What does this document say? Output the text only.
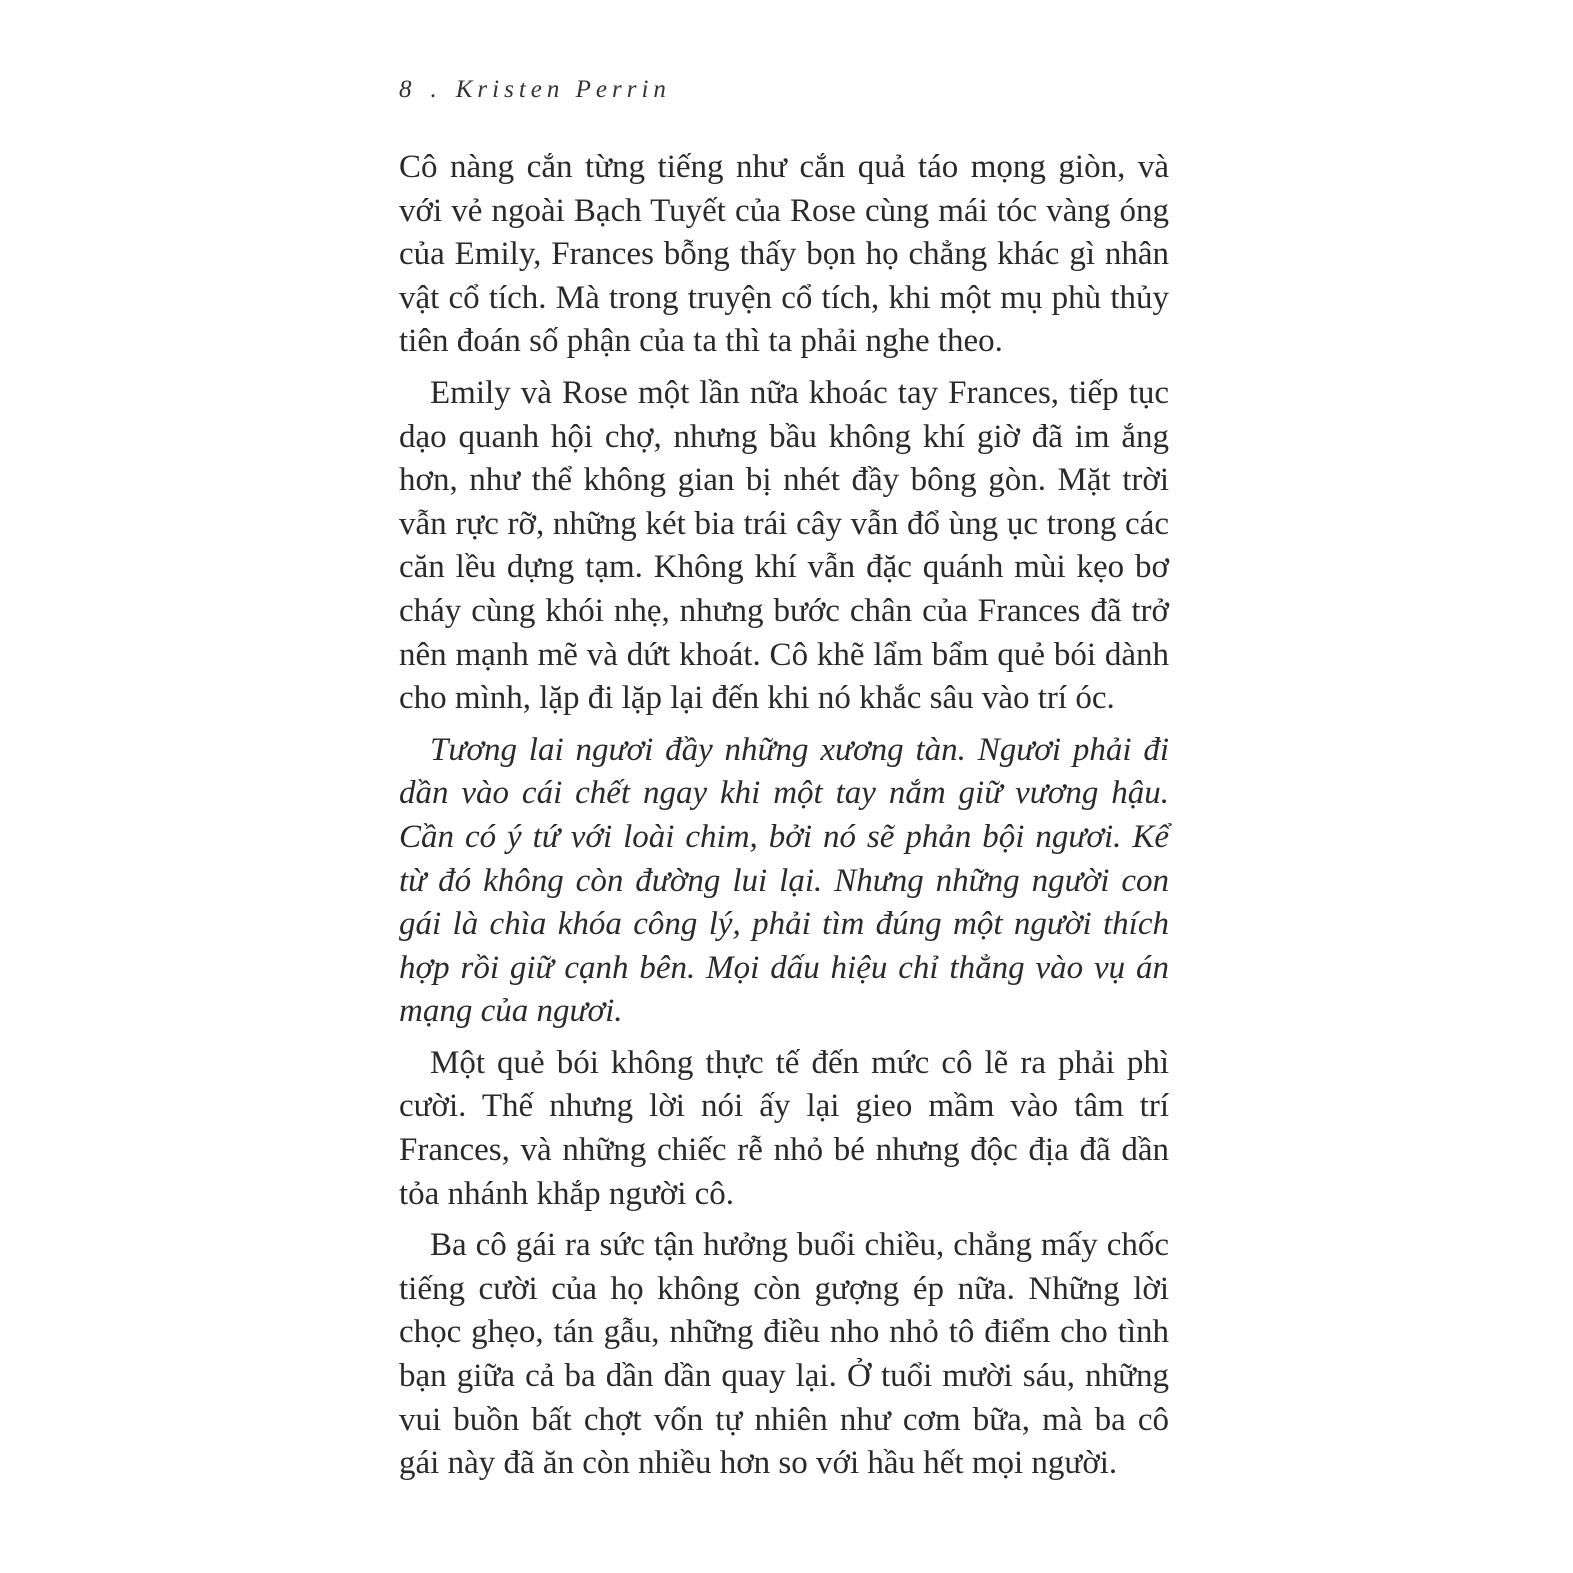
8 . Kristen Perrin

Cô nàng cắn từng tiếng như cắn quả táo mọng giòn, và với vẻ ngoài Bạch Tuyết của Rose cùng mái tóc vàng óng của Emily, Frances bỗng thấy bọn họ chẳng khác gì nhân vật cổ tích. Mà trong truyện cổ tích, khi một mụ phù thủy tiên đoán số phận của ta thì ta phải nghe theo.

Emily và Rose một lần nữa khoác tay Frances, tiếp tục dạo quanh hội chợ, nhưng bầu không khí giờ đã im ắng hơn, như thể không gian bị nhét đầy bông gòn. Mặt trời vẫn rực rỡ, những két bia trái cây vẫn đổ ùng ục trong các căn lều dựng tạm. Không khí vẫn đặc quánh mùi kẹo bơ cháy cùng khói nhẹ, nhưng bước chân của Frances đã trở nên mạnh mẽ và dứt khoát. Cô khẽ lẩm bẩm quẻ bói dành cho mình, lặp đi lặp lại đến khi nó khắc sâu vào trí óc.

Tương lai ngươi đầy những xương tàn. Ngươi phải đi dần vào cái chết ngay khi một tay nắm giữ vương hậu. Cần có ý tứ với loài chim, bởi nó sẽ phản bội ngươi. Kể từ đó không còn đường lui lại. Nhưng những người con gái là chìa khóa công lý, phải tìm đúng một người thích hợp rồi giữ cạnh bên. Mọi dấu hiệu chỉ thẳng vào vụ án mạng của ngươi.

Một quẻ bói không thực tế đến mức cô lẽ ra phải phì cười. Thế nhưng lời nói ấy lại gieo mầm vào tâm trí Frances, và những chiếc rễ nhỏ bé nhưng độc địa đã dần tỏa nhánh khắp người cô.

Ba cô gái ra sức tận hưởng buổi chiều, chẳng mấy chốc tiếng cười của họ không còn gượng ép nữa. Những lời chọc ghẹo, tán gẫu, những điều nho nhỏ tô điểm cho tình bạn giữa cả ba dần dần quay lại. Ở tuổi mười sáu, những vui buồn bất chợt vốn tự nhiên như cơm bữa, mà ba cô gái này đã ăn còn nhiều hơn so với hầu hết mọi người.
